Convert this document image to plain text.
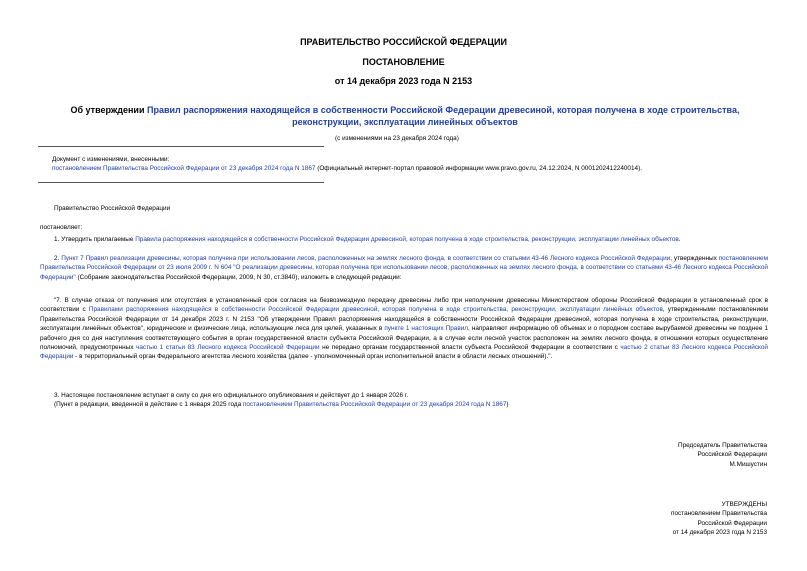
ПРАВИТЕЛЬСТВО РОССИЙСКОЙ ФЕДЕРАЦИИ
ПОСТАНОВЛЕНИЕ
от 14 декабря 2023 года N 2153
Об утверждении Правил распоряжения находящейся в собственности Российской Федерации древесиной, которая получена в ходе строительства, реконструкции, эксплуатации линейных объектов
(с изменениями на 23 декабря 2024 года)
Документ с изменениями, внесенными:
постановлением Правительства Российской Федерации от 23 декабря 2024 года N 1867 (Официальный интернет-портал правовой информации www.pravo.gov.ru, 24.12.2024, N 0001202412240014).
Правительство Российской Федерации
постановляет:
1. Утвердить прилагаемые Правила распоряжения находящейся в собственности Российской Федерации древесиной, которая получена в ходе строительства, реконструкции, эксплуатации линейных объектов.
2. Пункт 7 Правил реализации древесины, которая получена при использовании лесов, расположенных на землях лесного фонда, в соответствии со статьями 43-46 Лесного кодекса Российской Федерации, утвержденных постановлением Правительства Российской Федерации от 23 июля 2009 г. N 604 "О реализации древесины, которая получена при использовании лесов, расположенных на землях лесного фонда, в соответствии со статьями 43-46 Лесного кодекса Российской Федерации" (Собрание законодательства Российской Федерации, 2009, N 30, ст.3840), изложить в следующей редакции:
"7. В случае отказа от получения или отсутствия в установленный срок согласия на безвозмездную передачу древесины либо при неполучении древесины Министерством обороны Российской Федерации в установленный срок в соответствии с Правилами распоряжения находящейся в собственности Российской Федерации древесиной, которая получена в ходе строительства, реконструкции, эксплуатации линейных объектов, утвержденными постановлением Правительства Российской Федерации от 14 декабря 2023 г. N 2153 "Об утверждении Правил распоряжения находящейся в собственности Российской Федерации древесиной, которая получена в ходе строительства, реконструкции, эксплуатации линейных объектов", юридические и физические лица, использующие леса для целей, указанных в пункте 1 настоящих Правил, направляют информацию об объемах и о породном составе вырубаемой древесины не позднее 1 рабочего дня со дня наступления соответствующего события в орган государственной власти субъекта Российской Федерации, а в случае если лесной участок расположен на землях лесного фонда, в отношении которых осуществление полномочий, предусмотренных частью 1 статьи 83 Лесного кодекса Российской Федерации не передано органам государственной власти субъекта Российской Федерации в соответствии с частью 2 статьи 83 Лесного кодекса Российской Федерации - в территориальный орган Федерального агентства лесного хозяйства (далее - уполномоченный орган исполнительной власти в области лесных отношений).".
3. Настоящее постановление вступает в силу со дня его официального опубликования и действует до 1 января 2026 г.
(Пункт в редакции, введенной в действие с 1 января 2025 года постановлением Правительства Российской Федерации от 23 декабря 2024 года N 1867)
Председатель Правительства
Российской Федерации
М.Мишустин
УТВЕРЖДЕНЫ
постановлением Правительства
Российской Федерации
от 14 декабря 2023 года N 2153
